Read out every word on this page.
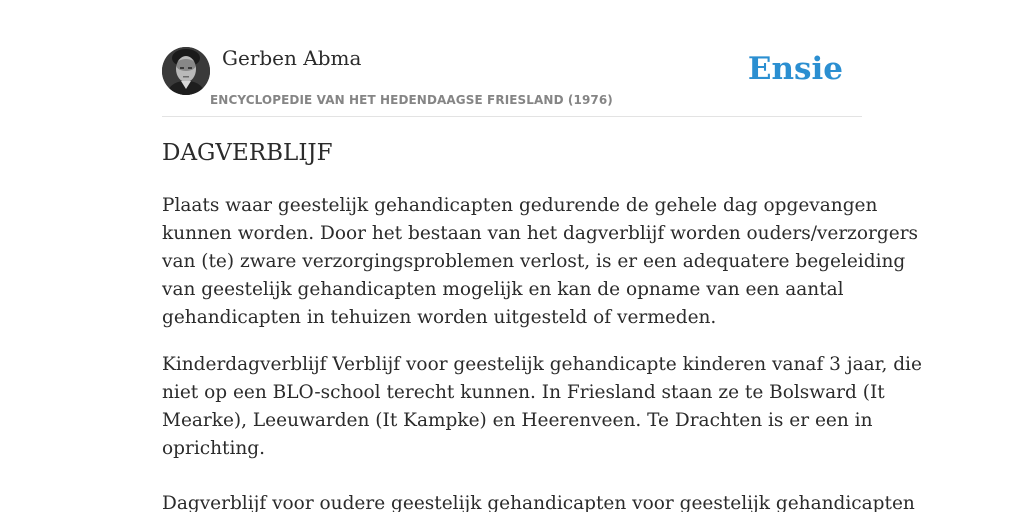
Gerben Abma
ENCYCLOPEDIE VAN HET HEDENDAAGSE FRIESLAND (1976)
Ensie
DAGVERBLIJF

Plaats waar geestelijk gehandicapten gedurende de gehele dag opgevangen
kunnen worden. Door het bestaan van het dagverblijf worden ouders/verzorgers
van (te) zware verzorgingsproblemen verlost, is er een adequatere begeleiding
van geestelijk gehandicapten mogelijk en kan de opname van een aantal
gehandicapten in tehuizen worden uitgesteld of vermeden.

Kinderdagverblijf Verblijf voor geestelijk gehandicapte kinderen vanaf 3 jaar, die
niet op een BLO-school terecht kunnen. In Friesland staan ze te Bolsward (It
Mearke), Leeuwarden (It Kampke) en Heerenveen. Te Drachten is er een in
oprichting.

Dagverblijf voor oudere geestelijk gehandicapten voor geestelijk gehandicapten
